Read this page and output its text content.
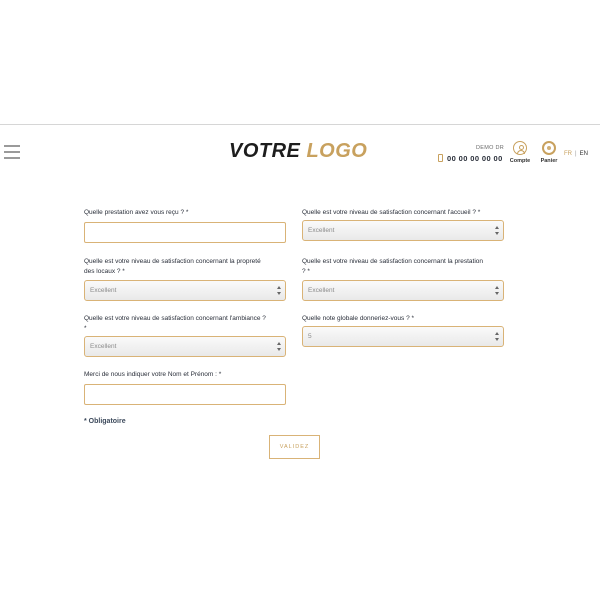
VOTRE LOGO	DEMO DR
00 00 00 00 00	Compte	Panier
FR | EN
Quelle prestation avez vous reçu ? *
Quelle est votre niveau de satisfaction concernant la propreté
des locaux ? *
Excellent
Quelle est votre niveau de satisfaction concernant l'ambiance ?
*
Excellent
Merci de nous indiquer votre Nom et Prénom : *
Quelle est votre niveau de satisfaction concernant l'accueil ? *
Excellent
Quelle est votre niveau de satisfaction concernant la prestation
? *
Excellent
Quelle note globale donneriez-vous ? *
5
* Obligatoire
VALIDEZ
